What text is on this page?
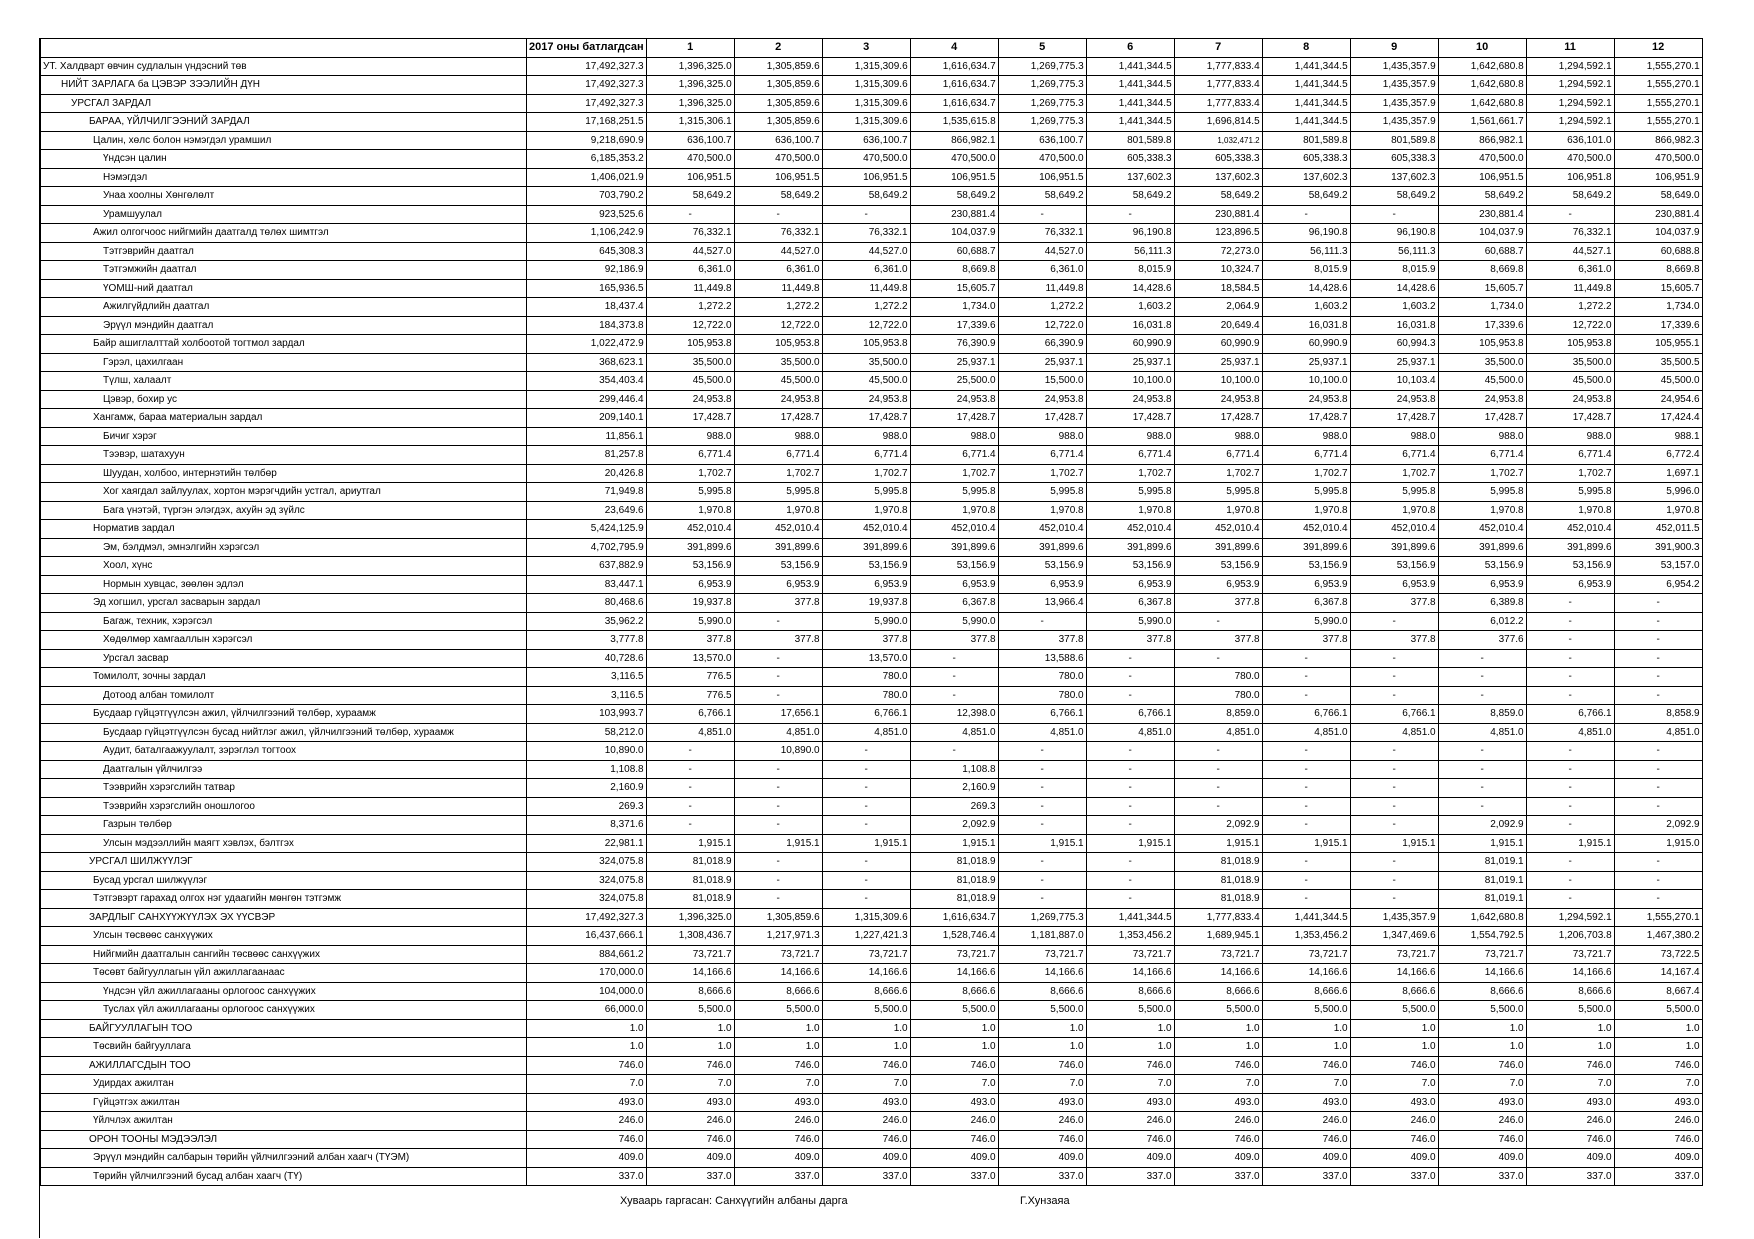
	2017 оны батлагдсан	1	2	3	4	5	6	7	8	9	10	11	12
УТ. Халдварт өвчин судлалын үндэсний төв	17,492,327.3	1,396,325.0	1,305,859.6	1,315,309.6	1,616,634.7	1,269,775.3	1,441,344.5	1,777,833.4	1,441,344.5	1,435,357.9	1,642,680.8	1,294,592.1	1,555,270.1
НИЙТ ЗАРЛАГА ба ЦЭВЭР ЗЭЭЛИЙН ДҮН	17,492,327.3	1,396,325.0	1,305,859.6	1,315,309.6	1,616,634.7	1,269,775.3	1,441,344.5	1,777,833.4	1,441,344.5	1,435,357.9	1,642,680.8	1,294,592.1	1,555,270.1
УРСГАЛ ЗАРДАЛ	17,492,327.3	1,396,325.0	1,305,859.6	1,315,309.6	1,616,634.7	1,269,775.3	1,441,344.5	1,777,833.4	1,441,344.5	1,435,357.9	1,642,680.8	1,294,592.1	1,555,270.1
БАРАА, ҮЙЛЧИЛГЭЭНИЙ ЗАРДАЛ	17,168,251.5	1,315,306.1	1,305,859.6	1,315,309.6	1,535,615.8	1,269,775.3	1,441,344.5	1,696,814.5	1,441,344.5	1,435,357.9	1,561,661.7	1,294,592.1	1,555,270.1
Цалин, хөлс болон нэмэгдэл урамшил	9,218,690.9	636,100.7	636,100.7	636,100.7	866,982.1	636,100.7	801,589.8	1,032,471.2	801,589.8	801,589.8	866,982.1	636,101.0	866,982.3
Үндсэн цалин	6,185,353.2	470,500.0	470,500.0	470,500.0	470,500.0	470,500.0	605,338.3	605,338.3	605,338.3	605,338.3	470,500.0	470,500.0	470,500.0
Нэмэгдэл	1,406,021.9	106,951.5	106,951.5	106,951.5	106,951.5	106,951.5	137,602.3	137,602.3	137,602.3	137,602.3	106,951.5	106,951.8	106,951.9
Унаа хоолны Хөнгөлөлт	703,790.2	58,649.2	58,649.2	58,649.2	58,649.2	58,649.2	58,649.2	58,649.2	58,649.2	58,649.2	58,649.2	58,649.2	58,649.0
Урамшуулал	923,525.6	-	-	-	230,881.4	-	-	230,881.4	-	-	230,881.4	-	230,881.4
Ажил олгогчоос нийгмийн даатгалд төлөх шимтгэл	1,106,242.9	76,332.1	76,332.1	76,332.1	104,037.9	76,332.1	96,190.8	123,896.5	96,190.8	96,190.8	104,037.9	76,332.1	104,037.9
Тэтгэврийн даатгал	645,308.3	44,527.0	44,527.0	44,527.0	60,688.7	44,527.0	56,111.3	72,273.0	56,111.3	56,111.3	60,688.7	44,527.1	60,688.8
Тэтгэмжийн даатгал	92,186.9	6,361.0	6,361.0	6,361.0	8,669.8	6,361.0	8,015.9	10,324.7	8,015.9	8,015.9	8,669.8	6,361.0	8,669.8
ҮОМШ-ний даатгал	165,936.5	11,449.8	11,449.8	11,449.8	15,605.7	11,449.8	14,428.6	18,584.5	14,428.6	14,428.6	15,605.7	11,449.8	15,605.7
Ажилгүйдлийн даатгал	18,437.4	1,272.2	1,272.2	1,272.2	1,734.0	1,272.2	1,603.2	2,064.9	1,603.2	1,603.2	1,734.0	1,272.2	1,734.0
Эрүүл мэндийн даатгал	184,373.8	12,722.0	12,722.0	12,722.0	17,339.6	12,722.0	16,031.8	20,649.4	16,031.8	16,031.8	17,339.6	12,722.0	17,339.6
Байр ашиглалттай холбоотой тогтмол зардал	1,022,472.9	105,953.8	105,953.8	105,953.8	76,390.9	66,390.9	60,990.9	60,990.9	60,990.9	60,994.3	105,953.8	105,953.8	105,955.1
Гэрэл, цахилгаан	368,623.1	35,500.0	35,500.0	35,500.0	25,937.1	25,937.1	25,937.1	25,937.1	25,937.1	25,937.1	35,500.0	35,500.0	35,500.5
Түлш, халаалт	354,403.4	45,500.0	45,500.0	45,500.0	25,500.0	15,500.0	10,100.0	10,100.0	10,100.0	10,103.4	45,500.0	45,500.0	45,500.0
Цэвэр, бохир ус	299,446.4	24,953.8	24,953.8	24,953.8	24,953.8	24,953.8	24,953.8	24,953.8	24,953.8	24,953.8	24,953.8	24,953.8	24,954.6
Хангамж, бараа материалын зардал	209,140.1	17,428.7	17,428.7	17,428.7	17,428.7	17,428.7	17,428.7	17,428.7	17,428.7	17,428.7	17,428.7	17,428.7	17,424.4
Бичиг хэрэг	11,856.1	988.0	988.0	988.0	988.0	988.0	988.0	988.0	988.0	988.0	988.0	988.0	988.1
Тээвэр, шатахуун	81,257.8	6,771.4	6,771.4	6,771.4	6,771.4	6,771.4	6,771.4	6,771.4	6,771.4	6,771.4	6,771.4	6,771.4	6,772.4
Шуудан, холбоо, интернэтийн төлбөр	20,426.8	1,702.7	1,702.7	1,702.7	1,702.7	1,702.7	1,702.7	1,702.7	1,702.7	1,702.7	1,702.7	1,702.7	1,697.1
Хог хаягдал зайлуулах, хортон мэрэгчдийн устгал, ариутгал	71,949.8	5,995.8	5,995.8	5,995.8	5,995.8	5,995.8	5,995.8	5,995.8	5,995.8	5,995.8	5,995.8	5,995.8	5,996.0
Бага үнэтэй, түргэн элэгдэх, ахуйн эд зүйлс	23,649.6	1,970.8	1,970.8	1,970.8	1,970.8	1,970.8	1,970.8	1,970.8	1,970.8	1,970.8	1,970.8	1,970.8	1,970.8
Норматив зардал	5,424,125.9	452,010.4	452,010.4	452,010.4	452,010.4	452,010.4	452,010.4	452,010.4	452,010.4	452,010.4	452,010.4	452,010.4	452,011.5
Эм, бэлдмэл, эмнэлгийн хэрэгсэл	4,702,795.9	391,899.6	391,899.6	391,899.6	391,899.6	391,899.6	391,899.6	391,899.6	391,899.6	391,899.6	391,899.6	391,899.6	391,900.3
Хоол, хүнс	637,882.9	53,156.9	53,156.9	53,156.9	53,156.9	53,156.9	53,156.9	53,156.9	53,156.9	53,156.9	53,156.9	53,156.9	53,157.0
Нормын хувцас, зөөлөн эдлэл	83,447.1	6,953.9	6,953.9	6,953.9	6,953.9	6,953.9	6,953.9	6,953.9	6,953.9	6,953.9	6,953.9	6,953.9	6,954.2
Эд хогшил, урсгал засварын зардал	80,468.6	19,937.8	377.8	19,937.8	6,367.8	13,966.4	6,367.8	377.8	6,367.8	377.8	6,389.8	-	-
Багаж, техник, хэрэгсэл	35,962.2	5,990.0	-	5,990.0	5,990.0	-	5,990.0	-	5,990.0	-	6,012.2	-	-
Хөдөлмөр хамгааллын хэрэгсэл	3,777.8	377.8	377.8	377.8	377.8	377.8	377.8	377.8	377.8	377.8	377.6	-	-
Урсгал засвар	40,728.6	13,570.0	-	13,570.0	-	13,588.6	-	-	-	-	-	-	-
Томилолт, зочны зардал	3,116.5	776.5	-	780.0	-	780.0	-	780.0	-	-	-	-	-
Дотоод албан томилолт	3,116.5	776.5	-	780.0	-	780.0	-	780.0	-	-	-	-	-
Бусдаар гүйцэтгүүлсэн ажил, үйлчилгээний төлбөр, хураамж	103,993.7	6,766.1	17,656.1	6,766.1	12,398.0	6,766.1	6,766.1	8,859.0	6,766.1	6,766.1	8,859.0	6,766.1	8,858.9
Бусдаар гүйцэтгүүлсэн бусад нийтлэг ажил, үйлчилгээний төлбөр, хураамж	58,212.0	4,851.0	4,851.0	4,851.0	4,851.0	4,851.0	4,851.0	4,851.0	4,851.0	4,851.0	4,851.0	4,851.0	4,851.0
Аудит, баталгаажуулалт, зэрэглэл тогтоох	10,890.0	-	10,890.0	-	-	-	-	-	-	-	-	-	-
Даатгалын үйлчилгээ	1,108.8	-	-	-	1,108.8	-	-	-	-	-	-	-	-
Тээврийн хэрэгслийн татвар	2,160.9	-	-	-	2,160.9	-	-	-	-	-	-	-	-
Тээврийн хэрэгслийн оношлогоо	269.3	-	-	-	269.3	-	-	-	-	-	-	-	-
Газрын төлбөр	8,371.6	-	-	-	2,092.9	-	-	2,092.9	-	-	2,092.9	-	2,092.9
Улсын мэдээллийн маягт хэвлэх, бэлтгэх	22,981.1	1,915.1	1,915.1	1,915.1	1,915.1	1,915.1	1,915.1	1,915.1	1,915.1	1,915.1	1,915.1	1,915.1	1,915.0
УРСГАЛ ШИЛЖҮҮЛЭГ	324,075.8	81,018.9	-	-	81,018.9	-	-	81,018.9	-	-	81,019.1	-	-
Бусад урсгал шилжүүлэг	324,075.8	81,018.9	-	-	81,018.9	-	-	81,018.9	-	-	81,019.1	-	-
Тэтгэвэрт гарахад олгох нэг удаагийн мөнгөн тэтгэмж	324,075.8	81,018.9	-	-	81,018.9	-	-	81,018.9	-	-	81,019.1	-	-
ЗАРДЛЫГ САНХҮҮЖҮҮЛЭХ ЭХ ҮҮСВЭР	17,492,327.3	1,396,325.0	1,305,859.6	1,315,309.6	1,616,634.7	1,269,775.3	1,441,344.5	1,777,833.4	1,441,344.5	1,435,357.9	1,642,680.8	1,294,592.1	1,555,270.1
Улсын төсвөөс санхүүжих	16,437,666.1	1,308,436.7	1,217,971.3	1,227,421.3	1,528,746.4	1,181,887.0	1,353,456.2	1,689,945.1	1,353,456.2	1,347,469.6	1,554,792.5	1,206,703.8	1,467,380.2
Нийгмийн даатгалын сангийн төсвөөс санхүүжих	884,661.2	73,721.7	73,721.7	73,721.7	73,721.7	73,721.7	73,721.7	73,721.7	73,721.7	73,721.7	73,721.7	73,721.7	73,722.5
Төсөвт байгууллагын үйл ажиллагаанаас	170,000.0	14,166.6	14,166.6	14,166.6	14,166.6	14,166.6	14,166.6	14,166.6	14,166.6	14,166.6	14,166.6	14,166.6	14,167.4
Үндсэн үйл ажиллагааны орлогоос санхүүжих	104,000.0	8,666.6	8,666.6	8,666.6	8,666.6	8,666.6	8,666.6	8,666.6	8,666.6	8,666.6	8,666.6	8,666.6	8,667.4
Туслах үйл ажиллагааны орлогоос санхүүжих	66,000.0	5,500.0	5,500.0	5,500.0	5,500.0	5,500.0	5,500.0	5,500.0	5,500.0	5,500.0	5,500.0	5,500.0	5,500.0
БАЙГУУЛЛАГЫН ТОО	1.0	1.0	1.0	1.0	1.0	1.0	1.0	1.0	1.0	1.0	1.0	1.0	1.0
Төсвийн байгууллага	1.0	1.0	1.0	1.0	1.0	1.0	1.0	1.0	1.0	1.0	1.0	1.0	1.0
АЖИЛЛАГСДЫН ТОО	746.0	746.0	746.0	746.0	746.0	746.0	746.0	746.0	746.0	746.0	746.0	746.0	746.0
Удирдах ажилтан	7.0	7.0	7.0	7.0	7.0	7.0	7.0	7.0	7.0	7.0	7.0	7.0	7.0
Гүйцэтгэх ажилтан	493.0	493.0	493.0	493.0	493.0	493.0	493.0	493.0	493.0	493.0	493.0	493.0	493.0
Үйлчлэх ажилтан	246.0	246.0	246.0	246.0	246.0	246.0	246.0	246.0	246.0	246.0	246.0	246.0	246.0
ОРОН ТООНЫ МЭДЭЭЛЭЛ	746.0	746.0	746.0	746.0	746.0	746.0	746.0	746.0	746.0	746.0	746.0	746.0	746.0
Эрүүл мэндийн салбарын төрийн үйлчилгээний албан хаагч (ТҮЭМ)	409.0	409.0	409.0	409.0	409.0	409.0	409.0	409.0	409.0	409.0	409.0	409.0	409.0
Төрийн үйлчилгээний бусад албан хаагч (ТҮ)	337.0	337.0	337.0	337.0	337.0	337.0	337.0	337.0	337.0	337.0	337.0	337.0	337.0
Хуваарь гаргасан: Санхүүгийн албаны дарга	Г.Хунзаяа
